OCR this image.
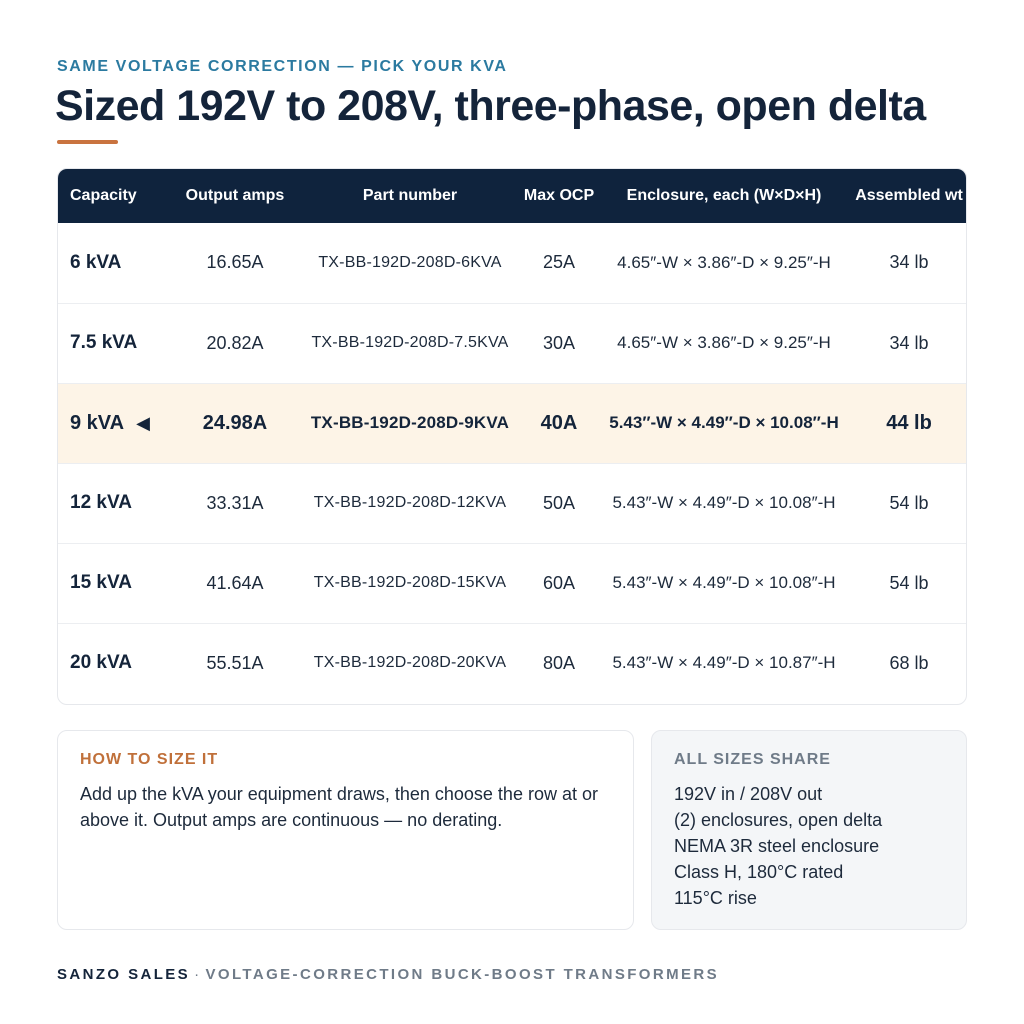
SAME VOLTAGE CORRECTION — PICK YOUR KVA
Sized 192V to 208V, three-phase, open delta
Capacity	Output amps	Part number	Max OCP	Enclosure, each (W×D×H)	Assembled wt
6 kVA	16.65A	TX-BB-192D-208D-6KVA	25A	4.65″-W × 3.86″-D × 9.25″-H	34 lb
7.5 kVA	20.82A	TX-BB-192D-208D-7.5KVA	30A	4.65″-W × 3.86″-D × 9.25″-H	34 lb
9 kVA ◀	24.98A	TX-BB-192D-208D-9KVA	40A	5.43″-W × 4.49″-D × 10.08″-H	44 lb
12 kVA	33.31A	TX-BB-192D-208D-12KVA	50A	5.43″-W × 4.49″-D × 10.08″-H	54 lb
15 kVA	41.64A	TX-BB-192D-208D-15KVA	60A	5.43″-W × 4.49″-D × 10.08″-H	54 lb
20 kVA	55.51A	TX-BB-192D-208D-20KVA	80A	5.43″-W × 4.49″-D × 10.87″-H	68 lb
HOW TO SIZE IT
Add up the kVA your equipment draws, then choose the row at or above it. Output amps are continuous — no derating.
ALL SIZES SHARE
192V in / 208V out
(2) enclosures, open delta
NEMA 3R steel enclosure
Class H, 180°C rated
115°C rise
SANZO SALES · VOLTAGE-CORRECTION BUCK-BOOST TRANSFORMERS
